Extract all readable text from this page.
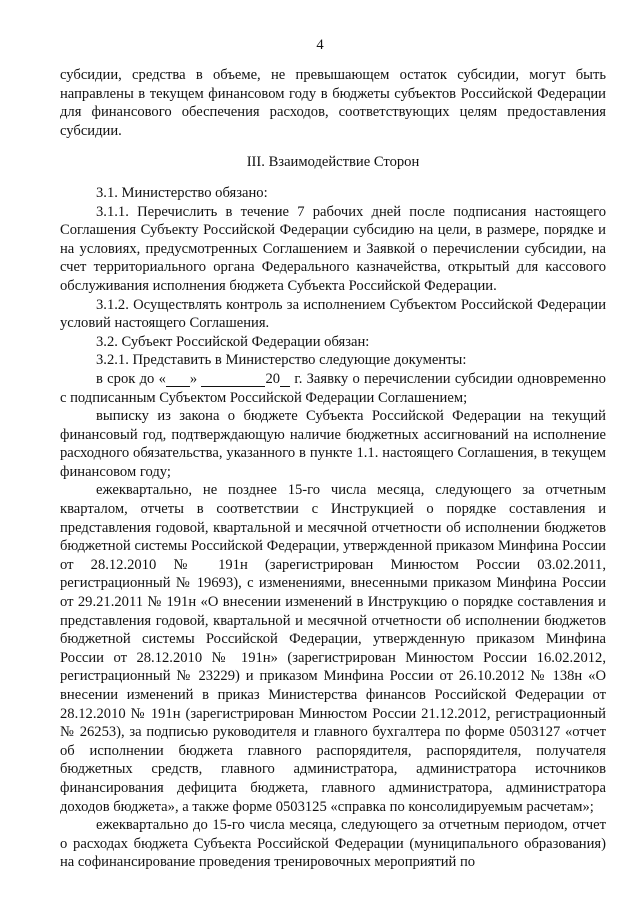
4

субсидии, средства в объеме, не превышающем остаток субсидии, могут быть направлены в текущем финансовом году в бюджеты субъектов Российской Федерации для финансового обеспечения расходов, соответствующих целям предоставления субсидии.

III. Взаимодействие Сторон

3.1. Министерство обязано:

3.1.1. Перечислить в течение 7 рабочих дней после подписания настоящего Соглашения Субъекту Российской Федерации субсидию на цели, в размере, порядке и на условиях, предусмотренных Соглашением и Заявкой о перечислении субсидии, на счет территориального органа Федерального казначейства, открытый для кассового обслуживания исполнения бюджета Субъекта Российской Федерации.

3.1.2. Осуществлять контроль за исполнением Субъектом Российской Федерации условий настоящего Соглашения.

3.2. Субъект Российской Федерации обязан:

3.2.1. Представить в Министерство следующие документы:

в срок до « »	20  г. Заявку о перечислении субсидии одновременно с подписанным Субъектом Российской Федерации Соглашением;

выписку из закона о бюджете Субъекта Российской Федерации на текущий финансовый год, подтверждающую наличие бюджетных ассигнований на исполнение расходного обязательства, указанного в пункте 1.1. настоящего Соглашения, в текущем финансовом году;

ежеквартально, не позднее 15-го числа месяца, следующего за отчетным кварталом, отчеты в соответствии с Инструкцией о порядке составления и представления годовой, квартальной и месячной отчетности об исполнении бюджетов бюджетной системы Российской Федерации, утвержденной приказом Минфина России от 28.12.2010 № 191н (зарегистрирован Минюстом России 03.02.2011, регистрационный № 19693), с изменениями, внесенными приказом Минфина России от 29.21.2011 № 191н «О внесении изменений в Инструкцию о порядке составления и представления годовой, квартальной и месячной отчетности об исполнении бюджетов бюджетной системы Российской Федерации, утвержденную приказом Минфина России от 28.12.2010 № 191н» (зарегистрирован Минюстом России 16.02.2012, регистрационный № 23229) и приказом Минфина России от 26.10.2012 № 138н «О внесении изменений в приказ Министерства финансов Российской Федерации от 28.12.2010 № 191н (зарегистрирован Минюстом России 21.12.2012, регистрационный № 26253), за подписью руководителя и главного бухгалтера по форме 0503127 «отчет об исполнении бюджета главного распорядителя, распорядителя, получателя бюджетных средств, главного администратора, администратора источников финансирования дефицита бюджета, главного администратора, администратора доходов бюджета», а также форме 0503125 «справка по консолидируемым расчетам»;

ежеквартально до 15-го числа месяца, следующего за отчетным периодом, отчет о расходах бюджета Субъекта Российской Федерации (муниципального образования) на софинансирование проведения тренировочных мероприятий по
